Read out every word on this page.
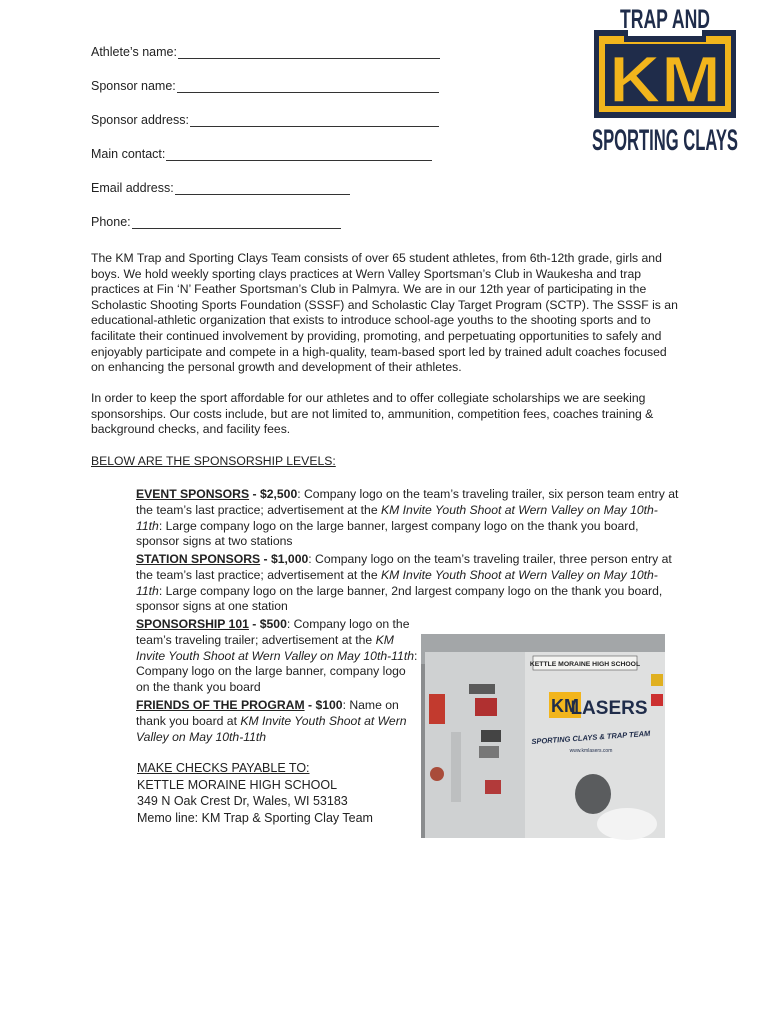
TRAP AND
KM
SPORTING CLAYS
Athlete’s name:
Sponsor name:
Sponsor address:
Main contact:
Email address:
Phone:

The KM Trap and Sporting Clays Team consists of over 65 student athletes, from 6th-12th grade, girls and boys. We hold weekly sporting clays practices at Wern Valley Sportsman’s Club in Waukesha and trap practices at Fin ‘N’ Feather Sportsman’s Club in Palmyra. We are in our 12th year of participating in the Scholastic Shooting Sports Foundation (SSSF) and Scholastic Clay Target Program (SCTP). The SSSF is an educational-athletic organization that exists to introduce school-age youths to the shooting sports and to facilitate their continued involvement by providing, promoting, and perpetuating opportunities to safely and enjoyably participate and compete in a high-quality, team-based sport led by trained adult coaches focused on enhancing the personal growth and development of their athletes.

In order to keep the sport affordable for our athletes and to offer collegiate scholarships we are seeking sponsorships. Our costs include, but are not limited to, ammunition, competition fees, coaches training & background checks, and facility fees.

BELOW ARE THE SPONSORSHIP LEVELS:

EVENT SPONSORS - $2,500: Company logo on the team’s traveling trailer, six person team entry at the team’s last practice; advertisement at the KM Invite Youth Shoot at Wern Valley on May 10th-11th: Large company logo on the large banner, largest company logo on the thank you board, sponsor signs at two stations

STATION SPONSORS - $1,000: Company logo on the team’s traveling trailer, three person entry at the team’s last practice; advertisement at the KM Invite Youth Shoot at Wern Valley on May 10th-11th: Large company logo on the large banner, 2nd largest company logo on the thank you board, sponsor signs at one station

SPONSORSHIP 101 - $500: Company logo on the team’s traveling trailer; advertisement at the KM Invite Youth Shoot at Wern Valley on May 10th-11th: Company logo on the large banner, company logo on the thank you board

FRIENDS OF THE PROGRAM - $100: Name on thank you board at KM Invite Youth Shoot at Wern Valley on May 10th-11th

MAKE CHECKS PAYABLE TO:
KETTLE MORAINE HIGH SCHOOL
349 N Oak Crest Dr, Wales, WI 53183
Memo line: KM Trap & Sporting Clay Team
KETTLE MORAINE HIGH SCHOOL
KM
LASERS
SPORTING CLAYS & TRAP TEAM
www.kmlasers.com
